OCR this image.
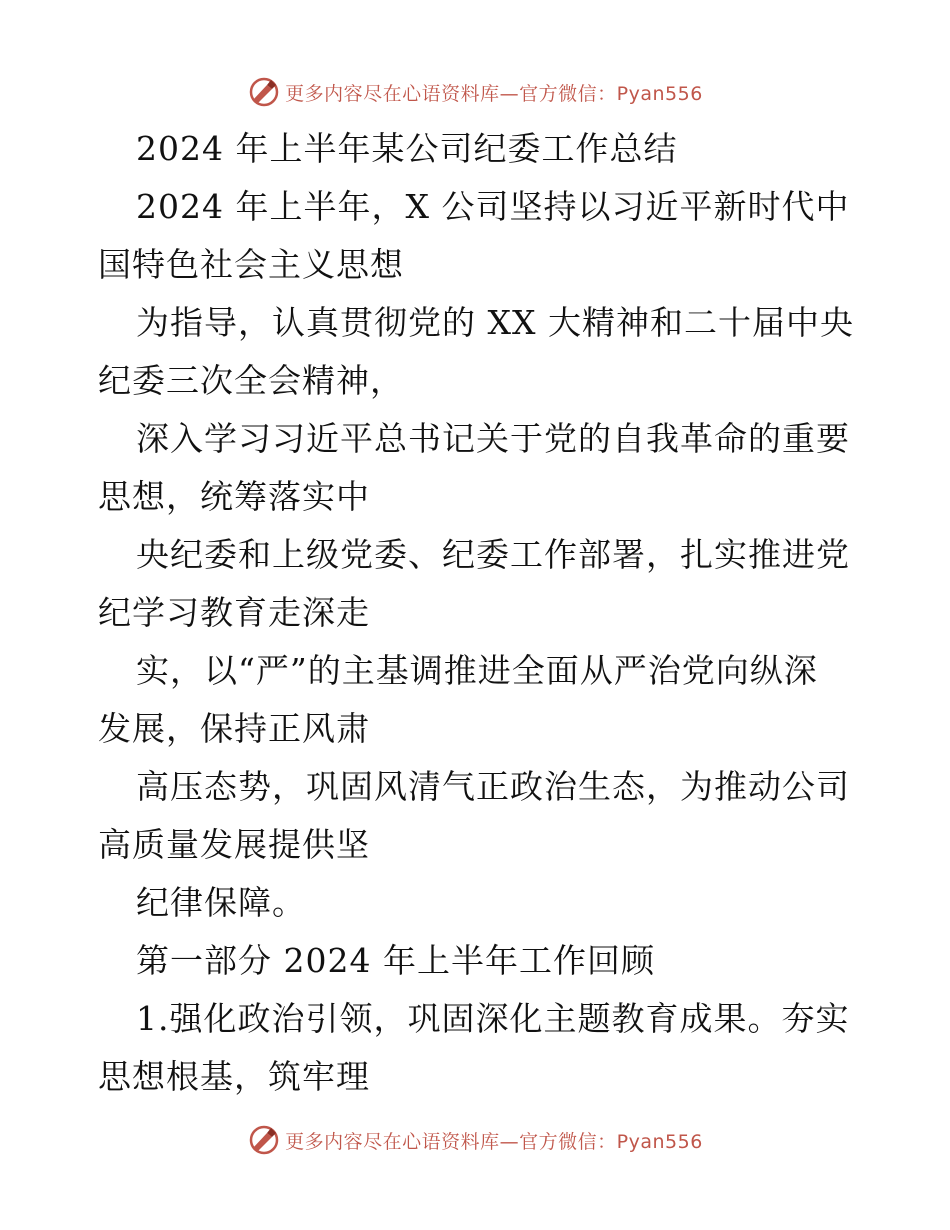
更多内容尽在心语资料库—官方微信：Pyan556

2024 年上半年某公司纪委工作总结

2024 年上半年，X 公司坚持以习近平新时代中

国特色社会主义思想

为指导，认真贯彻党的 XX 大精神和二十届中央

纪委三次全会精神，

深入学习习近平总书记关于党的自我革命的重要

思想，统筹落实中

央纪委和上级党委、纪委工作部署，扎实推进党

纪学习教育走深走

实，以“严”的主基调推进全面从严治党向纵深

发展，保持正风肃

高压态势，巩固风清气正政治生态，为推动公司

高质量发展提供坚

纪律保障。

第一部分 2024 年上半年工作回顾

1.强化政治引领，巩固深化主题教育成果。夯实

思想根基，筑牢理

更多内容尽在心语资料库—官方微信：Pyan556
